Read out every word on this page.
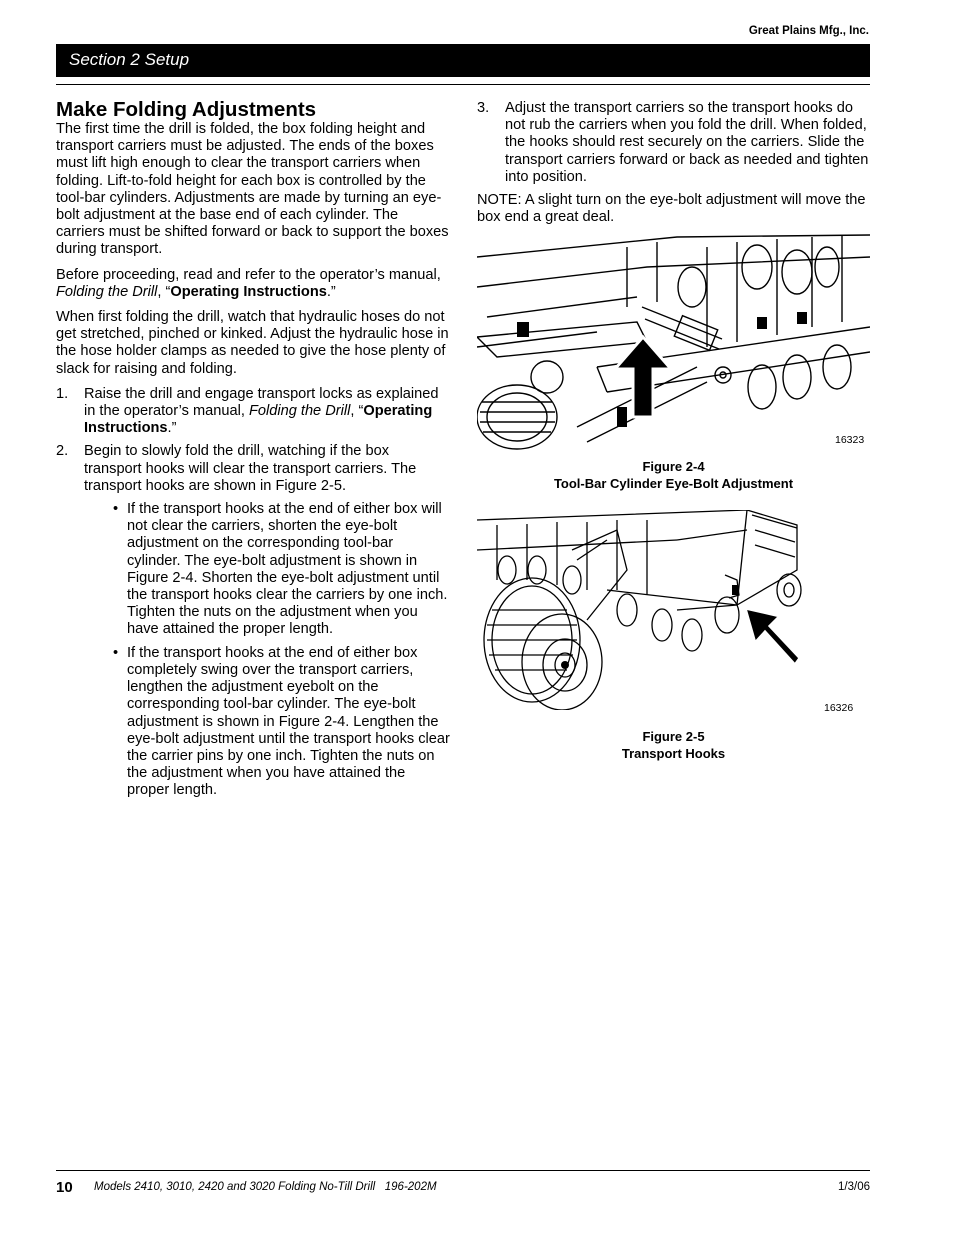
Great Plains Mfg., Inc.
Section 2 Setup
Make Folding Adjustments

The first time the drill is folded, the box folding height and transport carriers must be adjusted. The ends of the boxes must lift high enough to clear the transport carriers when folding. Lift-to-fold height for each box is controlled by the tool-bar cylinders. Adjustments are made by turning an eye-bolt adjustment at the base end of each cylinder. The carriers must be shifted forward or back to support the boxes during transport.

Before proceeding, read and refer to the operator’s manual, Folding the Drill, “Operating Instructions.”

When first folding the drill, watch that hydraulic hoses do not get stretched, pinched or kinked. Adjust the hydraulic hose in the hose holder clamps as needed to give the hose plenty of slack for raising and folding.

1.	Raise the drill and engage transport locks as explained in the operator’s manual, Folding the Drill, “Operating Instructions.”
2.	Begin to slowly fold the drill, watching if the box transport hooks will clear the transport carriers. The transport hooks are shown in Figure 2-5.
• If the transport hooks at the end of either box will not clear the carriers, shorten the eye-bolt adjustment on the corresponding tool-bar cylinder. The eye-bolt adjustment is shown in Figure 2-4. Shorten the eye-bolt adjustment until the transport hooks clear the carriers by one inch. Tighten the nuts on the adjustment when you have attained the proper length.
• If the transport hooks at the end of either box completely swing over the transport carriers, lengthen the adjustment eyebolt on the corresponding tool-bar cylinder. The eye-bolt adjustment is shown in Figure 2-4. Lengthen the eye-bolt adjustment until the transport hooks clear the carrier pins by one inch. Tighten the nuts on the adjustment when you have attained the proper length.
3.	Adjust the transport carriers so the transport hooks do not rub the carriers when you fold the drill. When folded, the hooks should rest securely on the carriers. Slide the transport carriers forward or back as needed and tighten into position.

NOTE: A slight turn on the eye-bolt adjustment will move the box end a great deal.

16323
Figure 2-4
Tool-Bar Cylinder Eye-Bolt Adjustment
16326
Figure 2-5
Transport Hooks
10 Models 2410, 3010, 2420 and 3020 Folding No-Till Drill   196-202M	1/3/06
